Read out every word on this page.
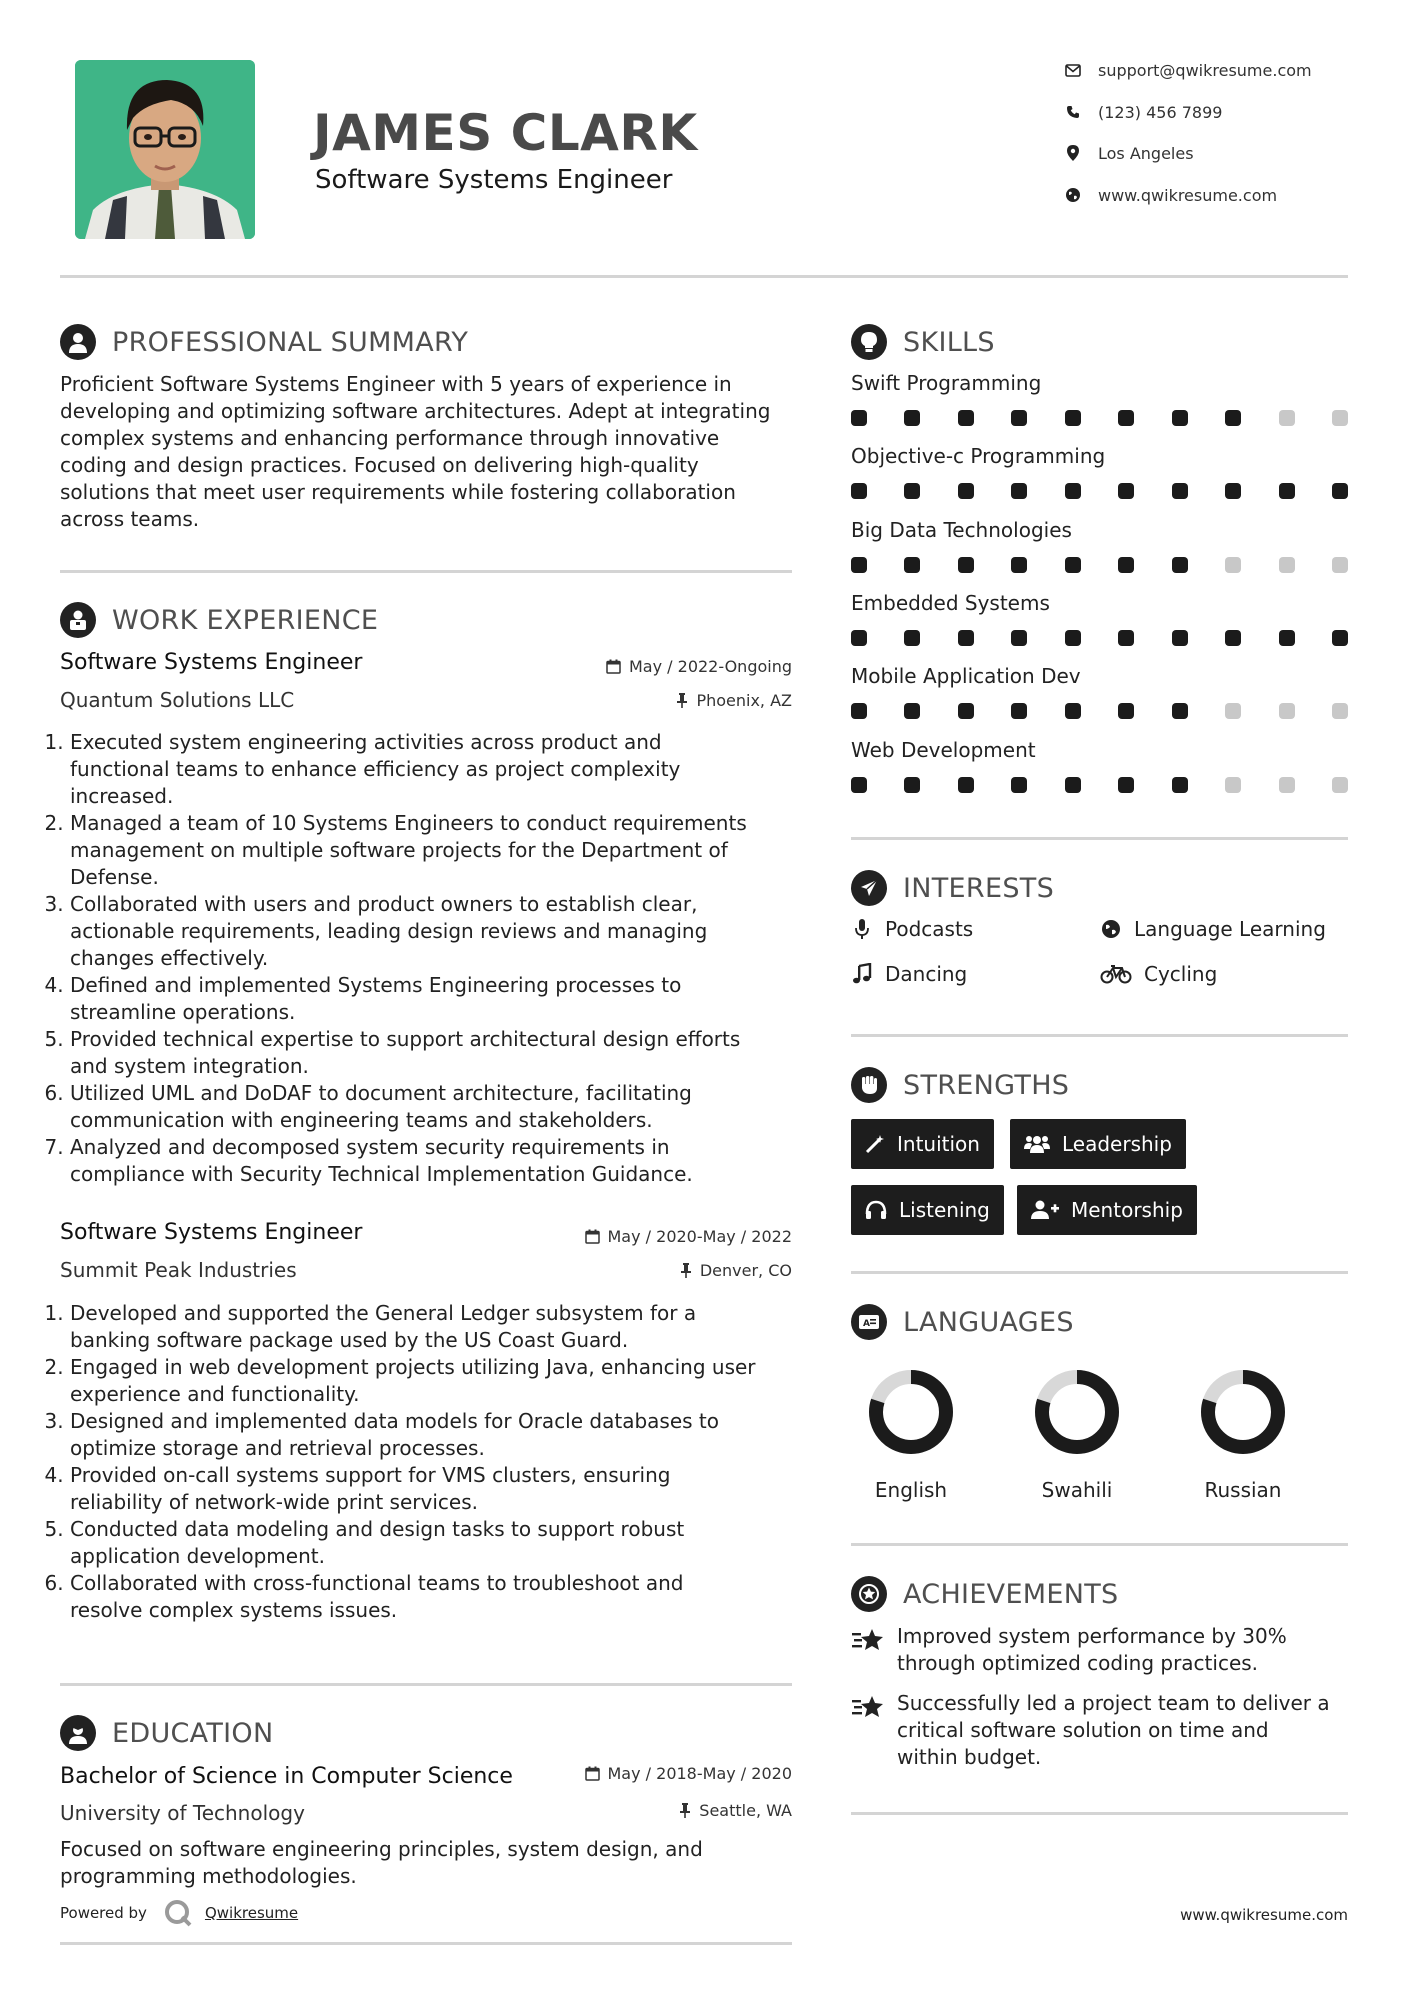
JAMES CLARK
Software Systems Engineer
support@qwikresume.com
(123) 456 7899
Los Angeles
www.qwikresume.com
PROFESSIONAL SUMMARY
Proficient Software Systems Engineer with 5 years of experience in
developing and optimizing software architectures. Adept at integrating
complex systems and enhancing performance through innovative
coding and design practices. Focused on delivering high-quality
solutions that meet user requirements while fostering collaboration
across teams.
WORK EXPERIENCE
Software Systems Engineer	May / 2022-Ongoing
Quantum Solutions LLC	Phoenix, AZ
1. Executed system engineering activities across product and
functional teams to enhance efficiency as project complexity
increased.
2. Managed a team of 10 Systems Engineers to conduct requirements
management on multiple software projects for the Department of
Defense.
3. Collaborated with users and product owners to establish clear,
actionable requirements, leading design reviews and managing
changes effectively.
4. Defined and implemented Systems Engineering processes to
streamline operations.
5. Provided technical expertise to support architectural design efforts
and system integration.
6. Utilized UML and DoDAF to document architecture, facilitating
communication with engineering teams and stakeholders.
7. Analyzed and decomposed system security requirements in
compliance with Security Technical Implementation Guidance.
Software Systems Engineer	May / 2020-May / 2022
Summit Peak Industries	Denver, CO
1. Developed and supported the General Ledger subsystem for a
banking software package used by the US Coast Guard.
2. Engaged in web development projects utilizing Java, enhancing user
experience and functionality.
3. Designed and implemented data models for Oracle databases to
optimize storage and retrieval processes.
4. Provided on-call systems support for VMS clusters, ensuring
reliability of network-wide print services.
5. Conducted data modeling and design tasks to support robust
application development.
6. Collaborated with cross-functional teams to troubleshoot and
resolve complex systems issues.
EDUCATION
Bachelor of Science in Computer Science	May / 2018-May / 2020
University of Technology	Seattle, WA
Focused on software engineering principles, system design, and
programming methodologies.
Powered by	Qwikresume
SKILLS
Swift Programming
Objective-c Programming
Big Data Technologies
Embedded Systems
Mobile Application Dev
Web Development
INTERESTS
Podcasts	Language Learning
Dancing	Cycling
STRENGTHS
Intuition	Leadership
Listening	Mentorship
A LANGUAGES
English	Swahili	Russian
ACHIEVEMENTS
Improved system performance by 30%
through optimized coding practices.
Successfully led a project team to deliver a
critical software solution on time and
within budget.
www.qwikresume.com
